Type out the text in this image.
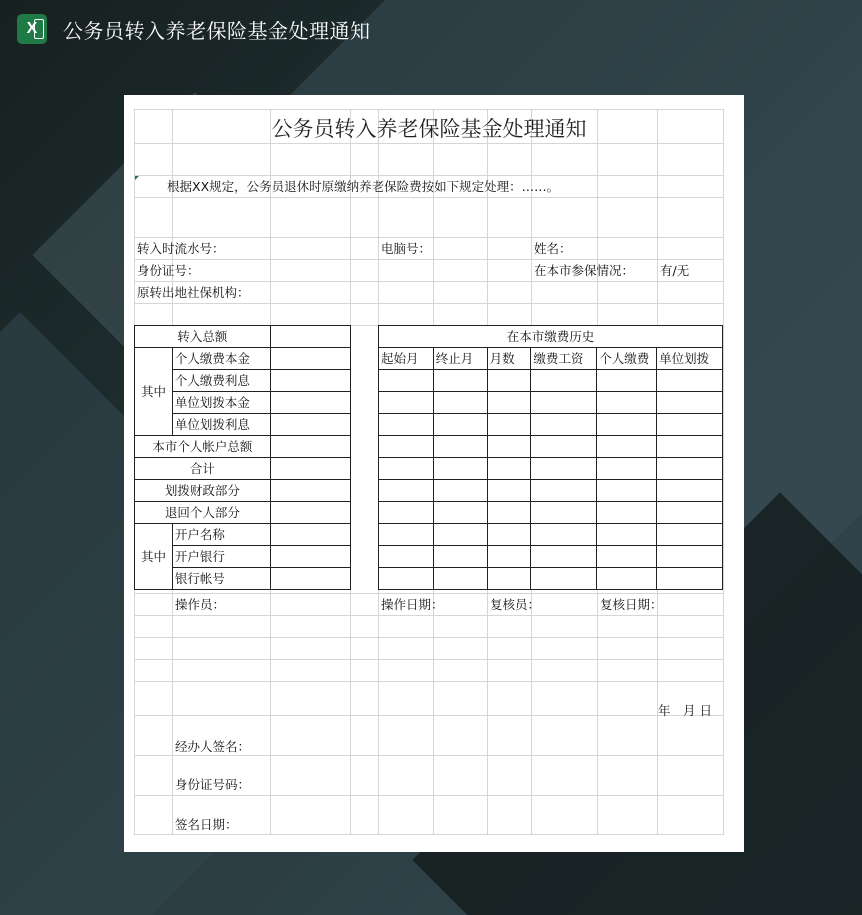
X	公务员转入养老保险基金处理通知
公务员转入养老保险基金处理通知
根据XX规定，公务员退休时原缴纳养老保险费按如下规定处理：……。
转入时流水号：	电脑号：	姓名：
身份证号：	在本市参保情况： 有/无
原转出地社保机构：
转入总额		
其中	个人缴费本金	
	个人缴费利息	
	单位划拨本金	
	单位划拨利息	
本市个人帐户总额		
合计		
划拨财政部分		
退回个人部分		
其中	开户名称	
	开户银行	
	银行帐号	
在本市缴费历史					
起始月	终止月	月数	缴费工资	个人缴费	单位划拨

操作员：	操作日期：	复核员：	复核日期：
年　月 日
经办人签名：
身份证号码：
签名日期：
